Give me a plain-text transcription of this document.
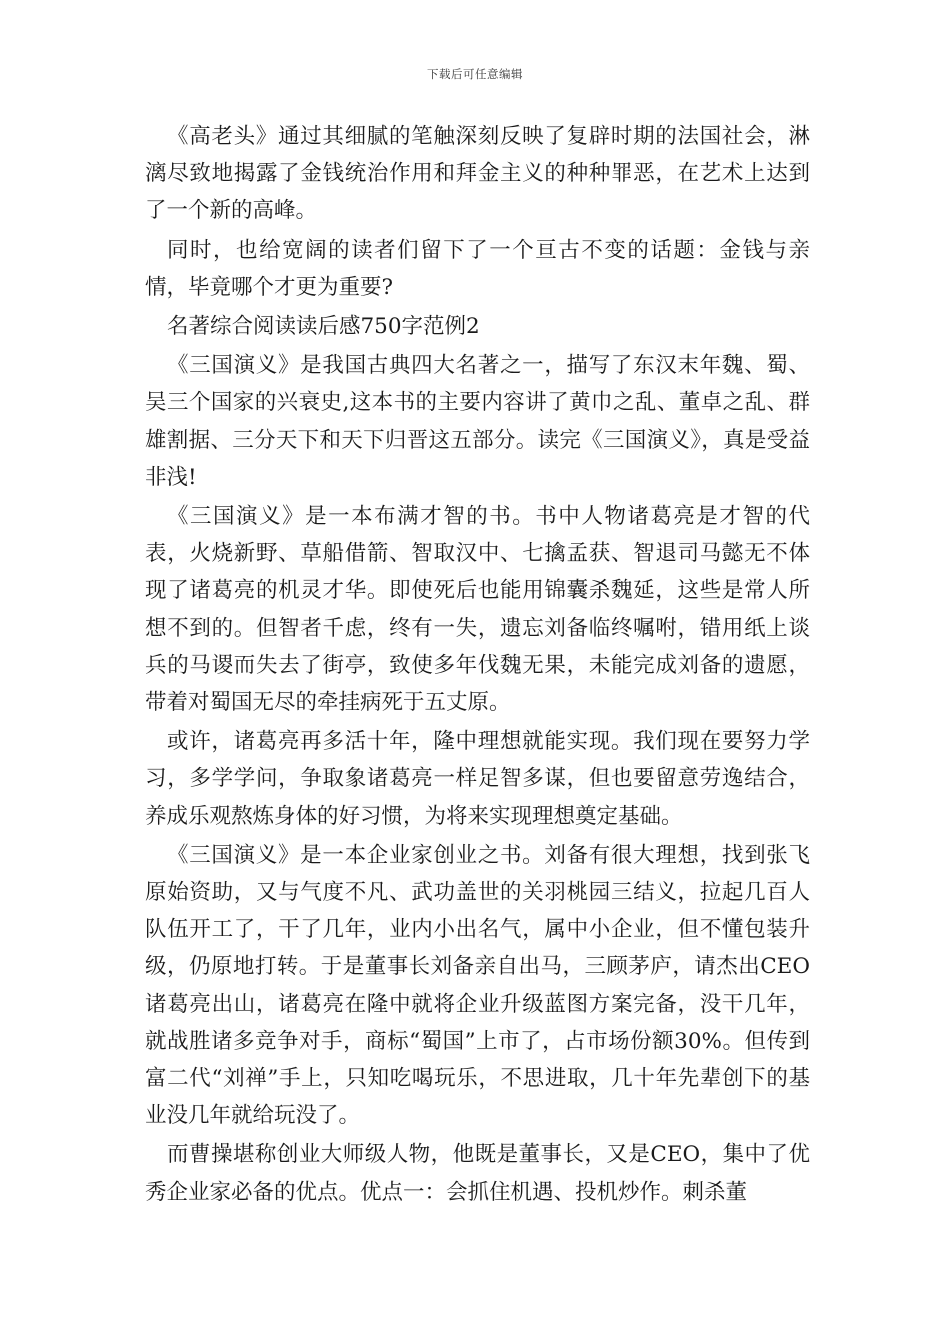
下载后可任意编辑

《高老头》通过其细腻的笔触深刻反映了复辟时期的法国社会，淋漓尽致地揭露了金钱统治作用和拜金主义的种种罪恶，在艺术上达到了一个新的高峰。

同时，也给宽阔的读者们留下了一个亘古不变的话题：金钱与亲情，毕竟哪个才更为重要?

名著综合阅读读后感750字范例2

《三国演义》是我国古典四大名著之一，描写了东汉末年魏、蜀、吴三个国家的兴衰史,这本书的主要内容讲了黄巾之乱、董卓之乱、群雄割据、三分天下和天下归晋这五部分。读完《三国演义》，真是受益非浅!

《三国演义》是一本布满才智的书。书中人物诸葛亮是才智的代表，火烧新野、草船借箭、智取汉中、七擒孟获、智退司马懿无不体现了诸葛亮的机灵才华。即使死后也能用锦囊杀魏延，这些是常人所想不到的。但智者千虑，终有一失，遗忘刘备临终嘱咐，错用纸上谈兵的马谡而失去了街亭，致使多年伐魏无果，未能完成刘备的遗愿，带着对蜀国无尽的牵挂病死于五丈原。

或许，诸葛亮再多活十年，隆中理想就能实现。我们现在要努力学习，多学学问，争取象诸葛亮一样足智多谋，但也要留意劳逸结合，养成乐观熬炼身体的好习惯，为将来实现理想奠定基础。

《三国演义》是一本企业家创业之书。刘备有很大理想，找到张飞原始资助，又与气度不凡、武功盖世的关羽桃园三结义，拉起几百人队伍开工了，干了几年，业内小出名气，属中小企业，但不懂包装升级，仍原地打转。于是董事长刘备亲自出马，三顾茅庐，请杰出CEO诸葛亮出山，诸葛亮在隆中就将企业升级蓝图方案完备，没干几年，就战胜诸多竞争对手，商标“蜀国”上市了，占市场份额30%。但传到富二代“刘禅”手上，只知吃喝玩乐，不思进取，几十年先辈创下的基业没几年就给玩没了。

而曹操堪称创业大师级人物，他既是董事长，又是CEO，集中了优秀企业家必备的优点。优点一：会抓住机遇、投机炒作。刺杀董
